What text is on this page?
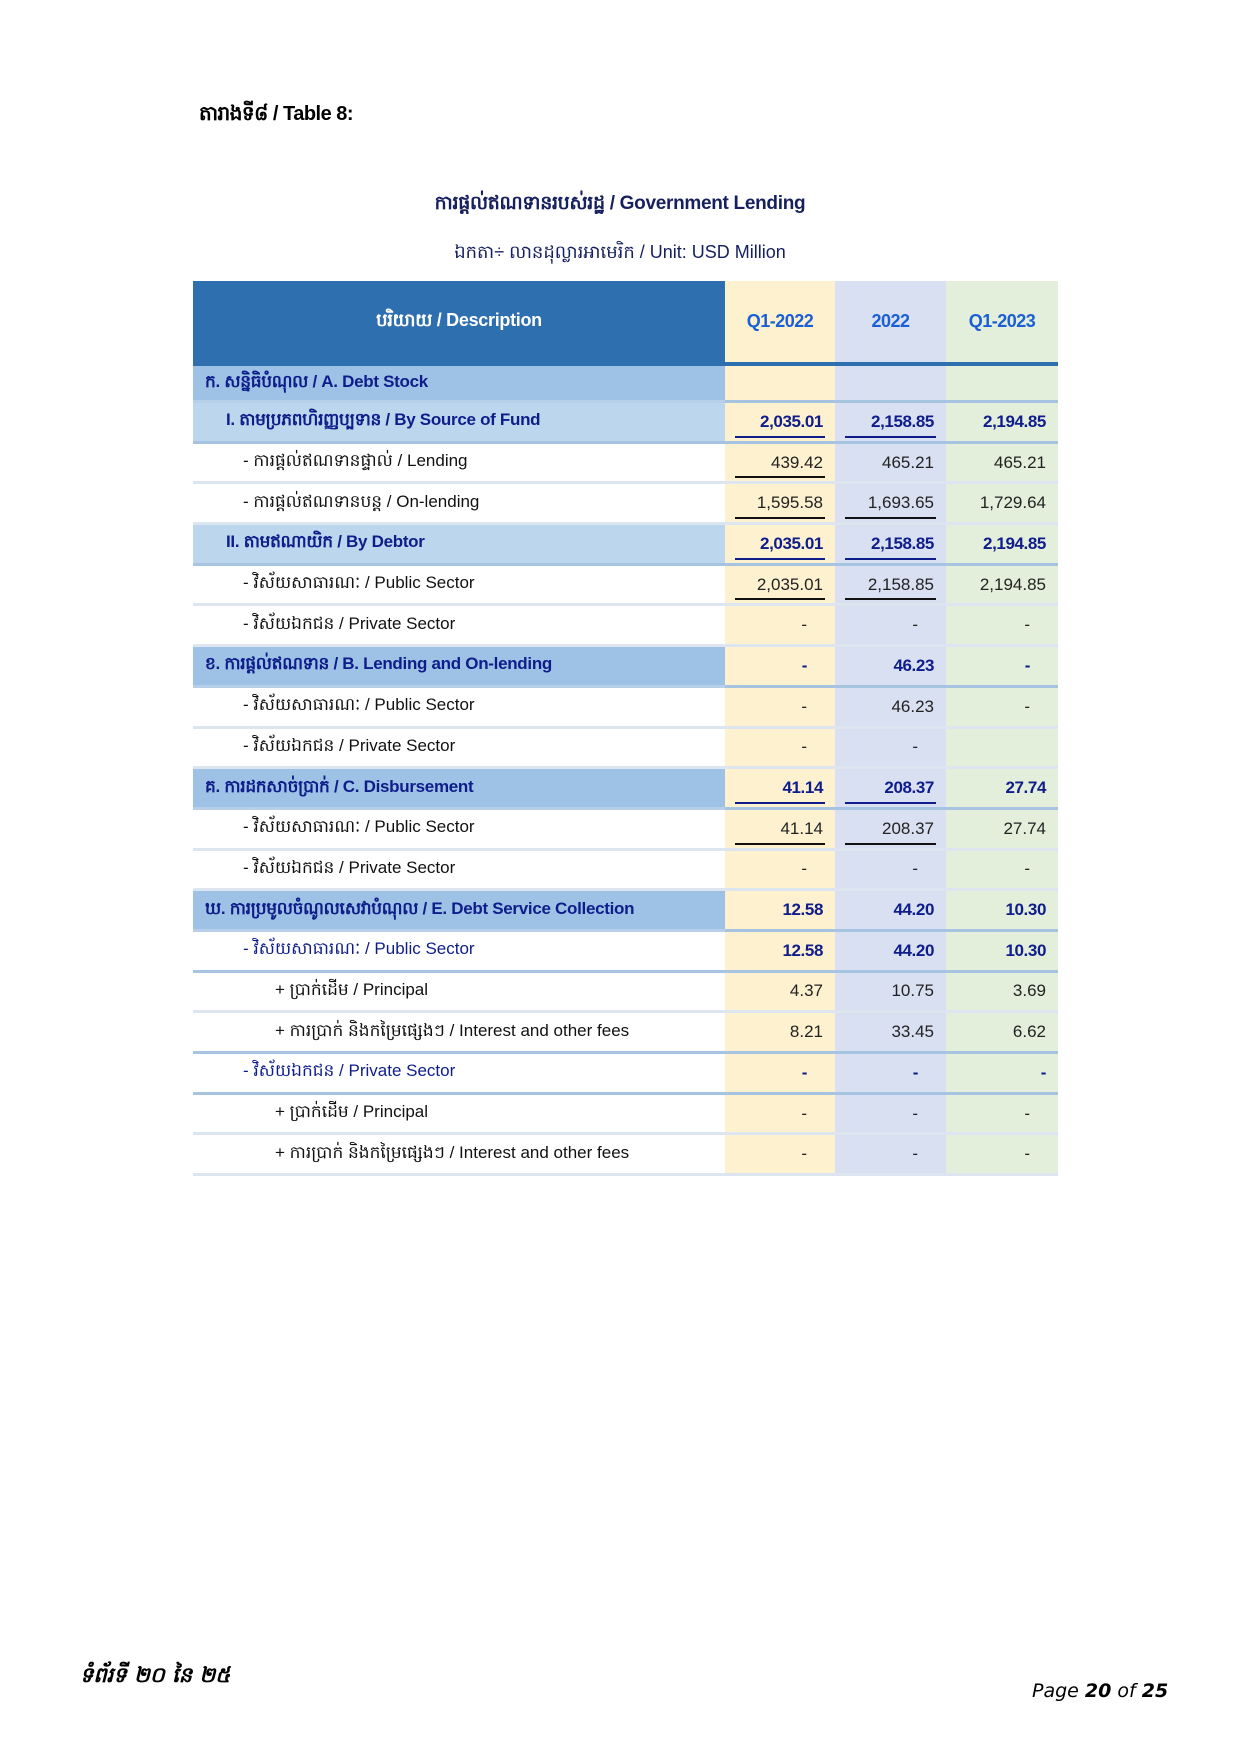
តារាងទី៨ / Table 8:
ការផ្តល់ឥណទានរបស់រដ្ឋ / Government Lending
ឯកតា÷ លានដុល្លារអាមេរិក / Unit: USD Million
បរិយាយ / Description	Q1-2022	2022	Q1-2023
ក. សន្និធិបំណុល / A. Debt Stock
I. តាមប្រភពហិរញ្ញប្បទាន / By Source of Fund	2,035.01	2,158.85	2,194.85
- ការផ្តល់ឥណទានផ្ទាល់ / Lending	439.42	465.21	465.21
- ការផ្តល់ឥណទានបន្ត / On-lending	1,595.58	1,693.65	1,729.64
II. តាមឥណាយិក / By Debtor	2,035.01	2,158.85	2,194.85
- វិស័យសាធារណៈ / Public Sector	2,035.01	2,158.85	2,194.85
- វិស័យឯកជន / Private Sector	-	-	-
ខ. ការផ្តល់ឥណទាន / B. Lending and On-lending	-	46.23	-
- វិស័យសាធារណៈ / Public Sector	-	46.23	-
- វិស័យឯកជន / Private Sector	-	-
គ. ការដកសាច់ប្រាក់ / C. Disbursement	41.14	208.37	27.74
- វិស័យសាធារណៈ / Public Sector	41.14	208.37	27.74
- វិស័យឯកជន / Private Sector	-	-	-
ឃ. ការប្រមូលចំណូលសេវាបំណុល / E. Debt Service Collection	12.58	44.20	10.30
- វិស័យសាធារណៈ / Public Sector	12.58	44.20	10.30
+ ប្រាក់ដើម / Principal	4.37	10.75	3.69
+ ការប្រាក់ និងកម្រៃផ្សេងៗ / Interest and other fees	8.21	33.45	6.62
- វិស័យឯកជន / Private Sector	-	-	-
+ ប្រាក់ដើម / Principal	-	-	-
+ ការប្រាក់ និងកម្រៃផ្សេងៗ / Interest and other fees	-	-	-
ទំព័រទី ២០ នៃ ២៥
Page 20 of 25
